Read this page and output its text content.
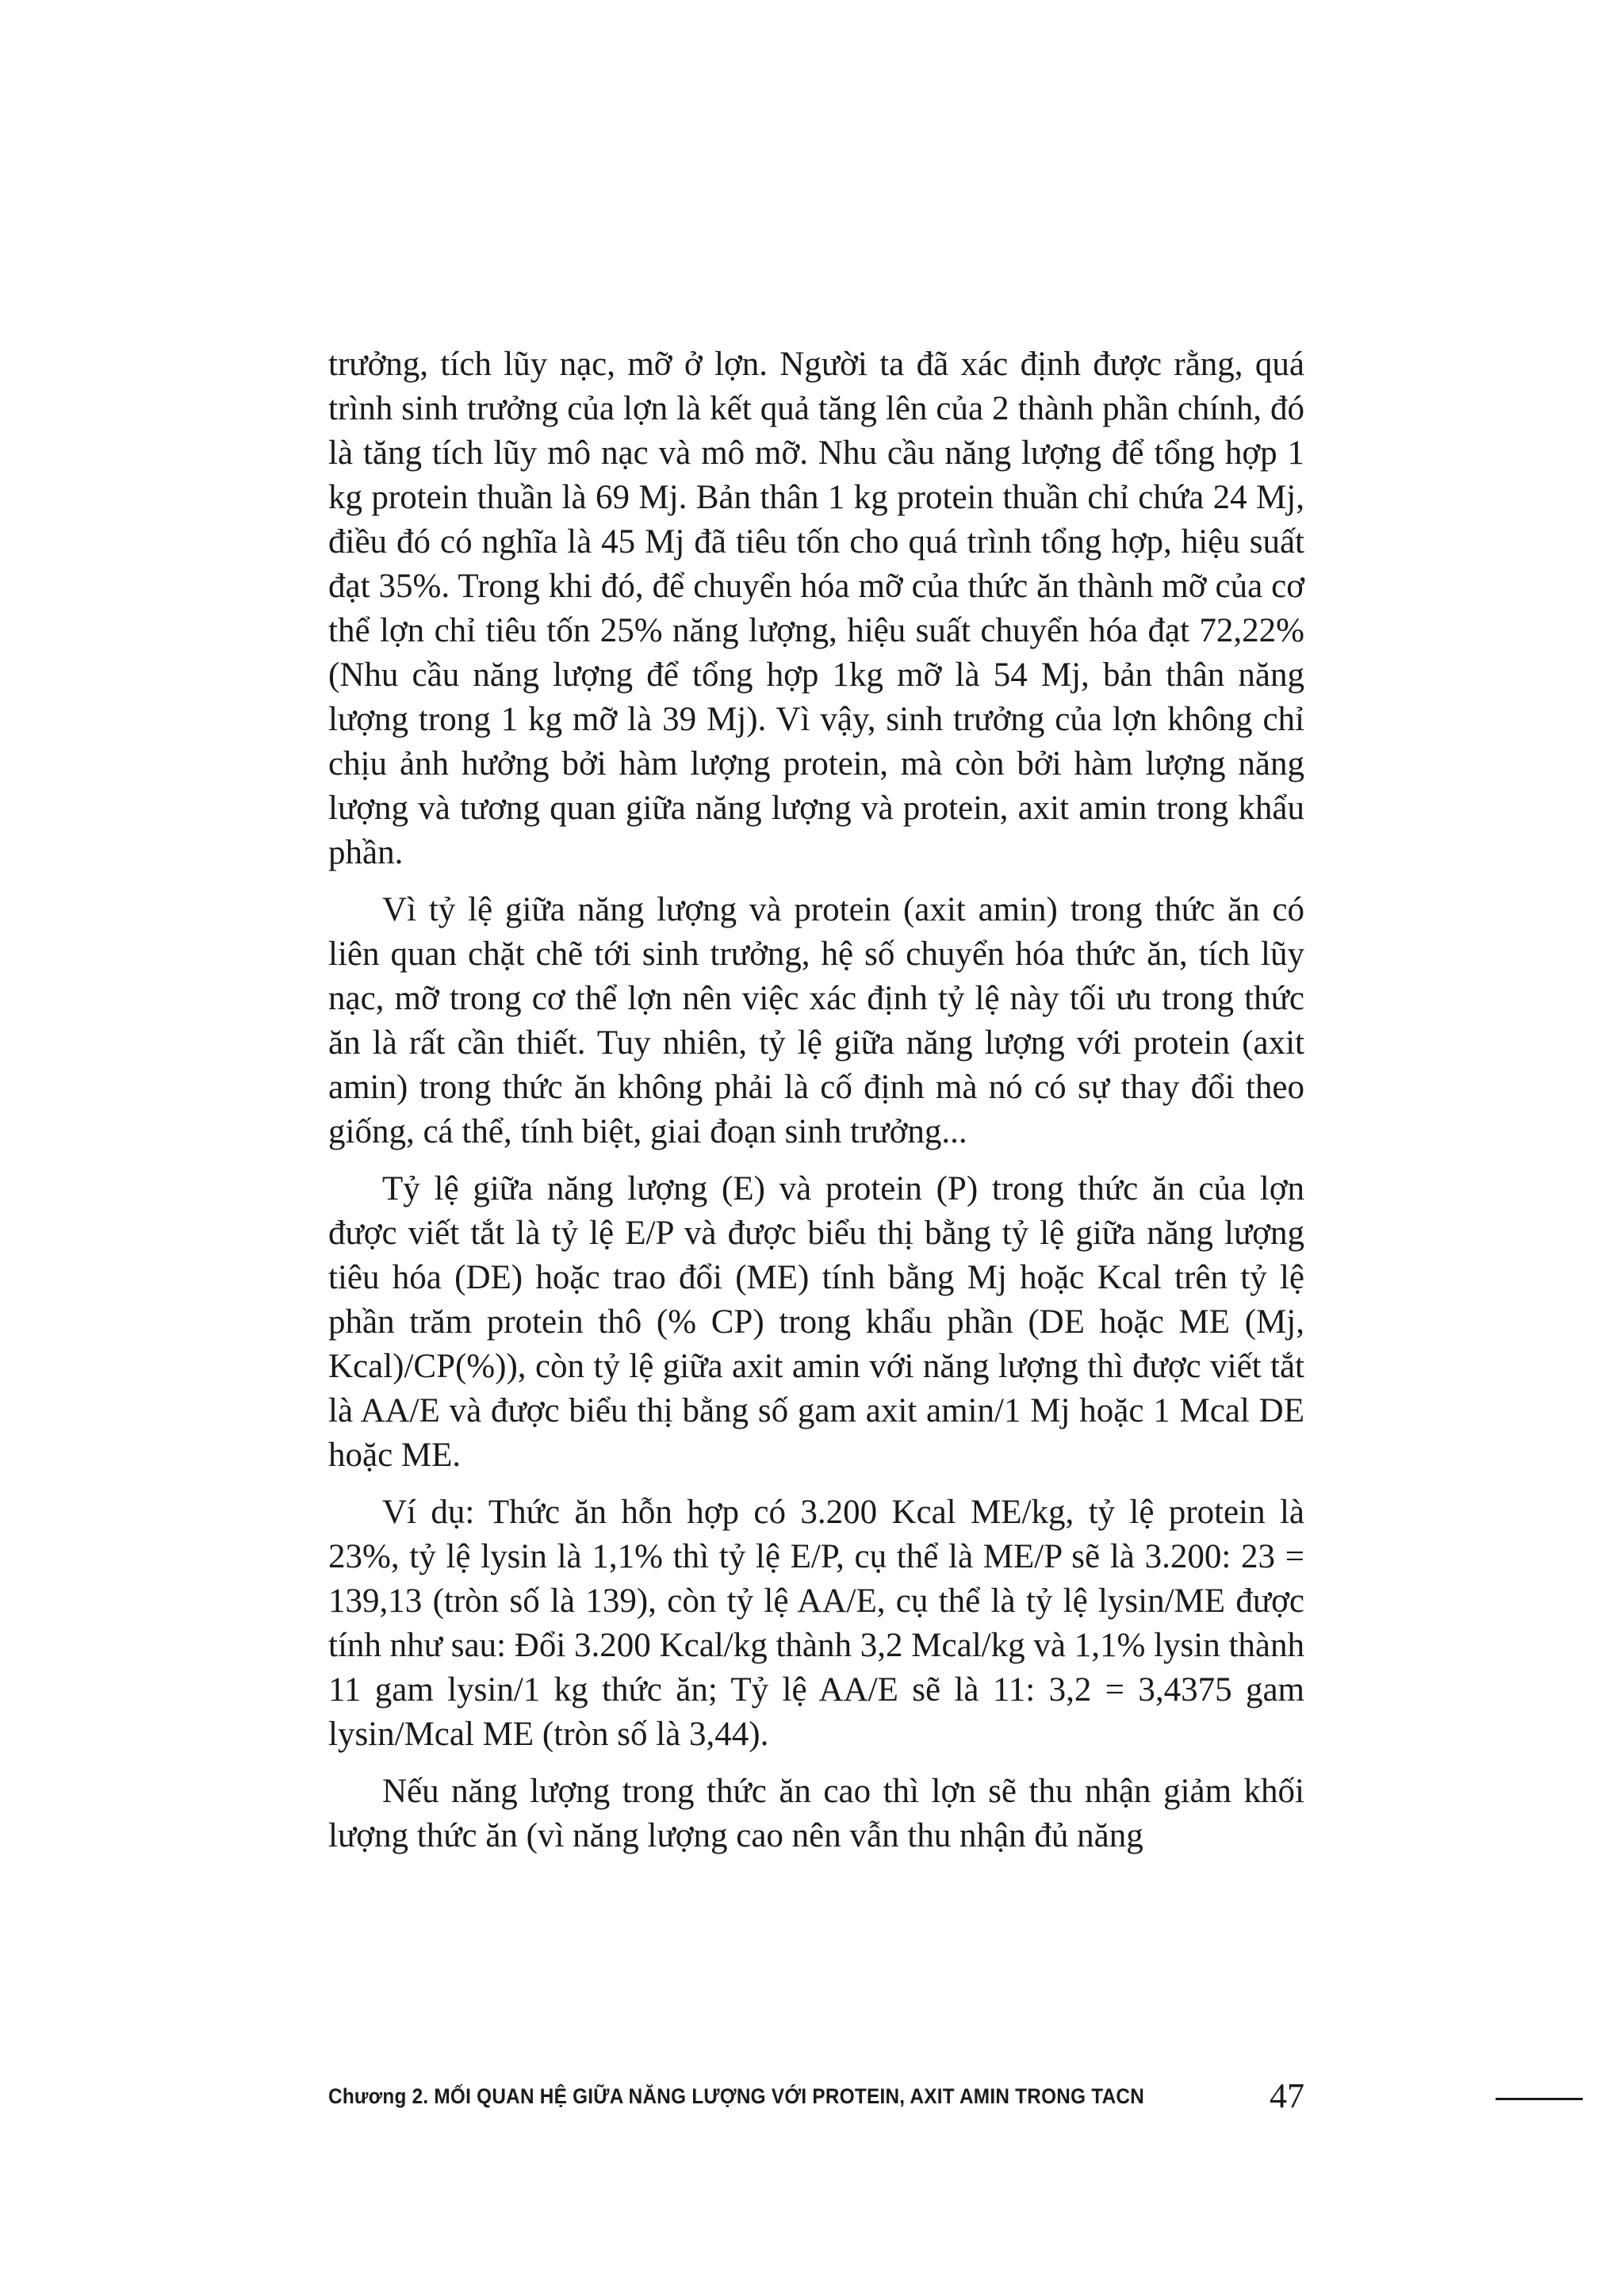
trưởng, tích lũy nạc, mỡ ở lợn. Người ta đã xác định được rằng, quá trình sinh trưởng của lợn là kết quả tăng lên của 2 thành phần chính, đó là tăng tích lũy mô nạc và mô mỡ. Nhu cầu năng lượng để tổng hợp 1 kg protein thuần là 69 Mj. Bản thân 1 kg protein thuần chỉ chứa 24 Mj, điều đó có nghĩa là 45 Mj đã tiêu tốn cho quá trình tổng hợp, hiệu suất đạt 35%. Trong khi đó, để chuyển hóa mỡ của thức ăn thành mỡ của cơ thể lợn chỉ tiêu tốn 25% năng lượng, hiệu suất chuyển hóa đạt 72,22% (Nhu cầu năng lượng để tổng hợp 1kg mỡ là 54 Mj, bản thân năng lượng trong 1 kg mỡ là 39 Mj). Vì vậy, sinh trưởng của lợn không chỉ chịu ảnh hưởng bởi hàm lượng protein, mà còn bởi hàm lượng năng lượng và tương quan giữa năng lượng và protein, axit amin trong khẩu phần.

Vì tỷ lệ giữa năng lượng và protein (axit amin) trong thức ăn có liên quan chặt chẽ tới sinh trưởng, hệ số chuyển hóa thức ăn, tích lũy nạc, mỡ trong cơ thể lợn nên việc xác định tỷ lệ này tối ưu trong thức ăn là rất cần thiết. Tuy nhiên, tỷ lệ giữa năng lượng với protein (axit amin) trong thức ăn không phải là cố định mà nó có sự thay đổi theo giống, cá thể, tính biệt, giai đoạn sinh trưởng...

Tỷ lệ giữa năng lượng (E) và protein (P) trong thức ăn của lợn được viết tắt là tỷ lệ E/P và được biểu thị bằng tỷ lệ giữa năng lượng tiêu hóa (DE) hoặc trao đổi (ME) tính bằng Mj hoặc Kcal trên tỷ lệ phần trăm protein thô (% CP) trong khẩu phần (DE hoặc ME (Mj, Kcal)/CP(%)), còn tỷ lệ giữa axit amin với năng lượng thì được viết tắt là AA/E và được biểu thị bằng số gam axit amin/1 Mj hoặc 1 Mcal DE hoặc ME.

Ví dụ: Thức ăn hỗn hợp có 3.200 Kcal ME/kg, tỷ lệ protein là 23%, tỷ lệ lysin là 1,1% thì tỷ lệ E/P, cụ thể là ME/P sẽ là 3.200: 23 = 139,13 (tròn số là 139), còn tỷ lệ AA/E, cụ thể là tỷ lệ lysin/ME được tính như sau: Đổi 3.200 Kcal/kg thành 3,2 Mcal/kg và 1,1% lysin thành 11 gam lysin/1 kg thức ăn; Tỷ lệ AA/E sẽ là 11: 3,2 = 3,4375 gam lysin/Mcal ME (tròn số là 3,44).

Nếu năng lượng trong thức ăn cao thì lợn sẽ thu nhận giảm khối lượng thức ăn (vì năng lượng cao nên vẫn thu nhận đủ năng

Chương 2. MỐI QUAN HỆ GIỮA NĂNG LƯỢNG VỚI PROTEIN, AXIT AMIN TRONG TACN	47
